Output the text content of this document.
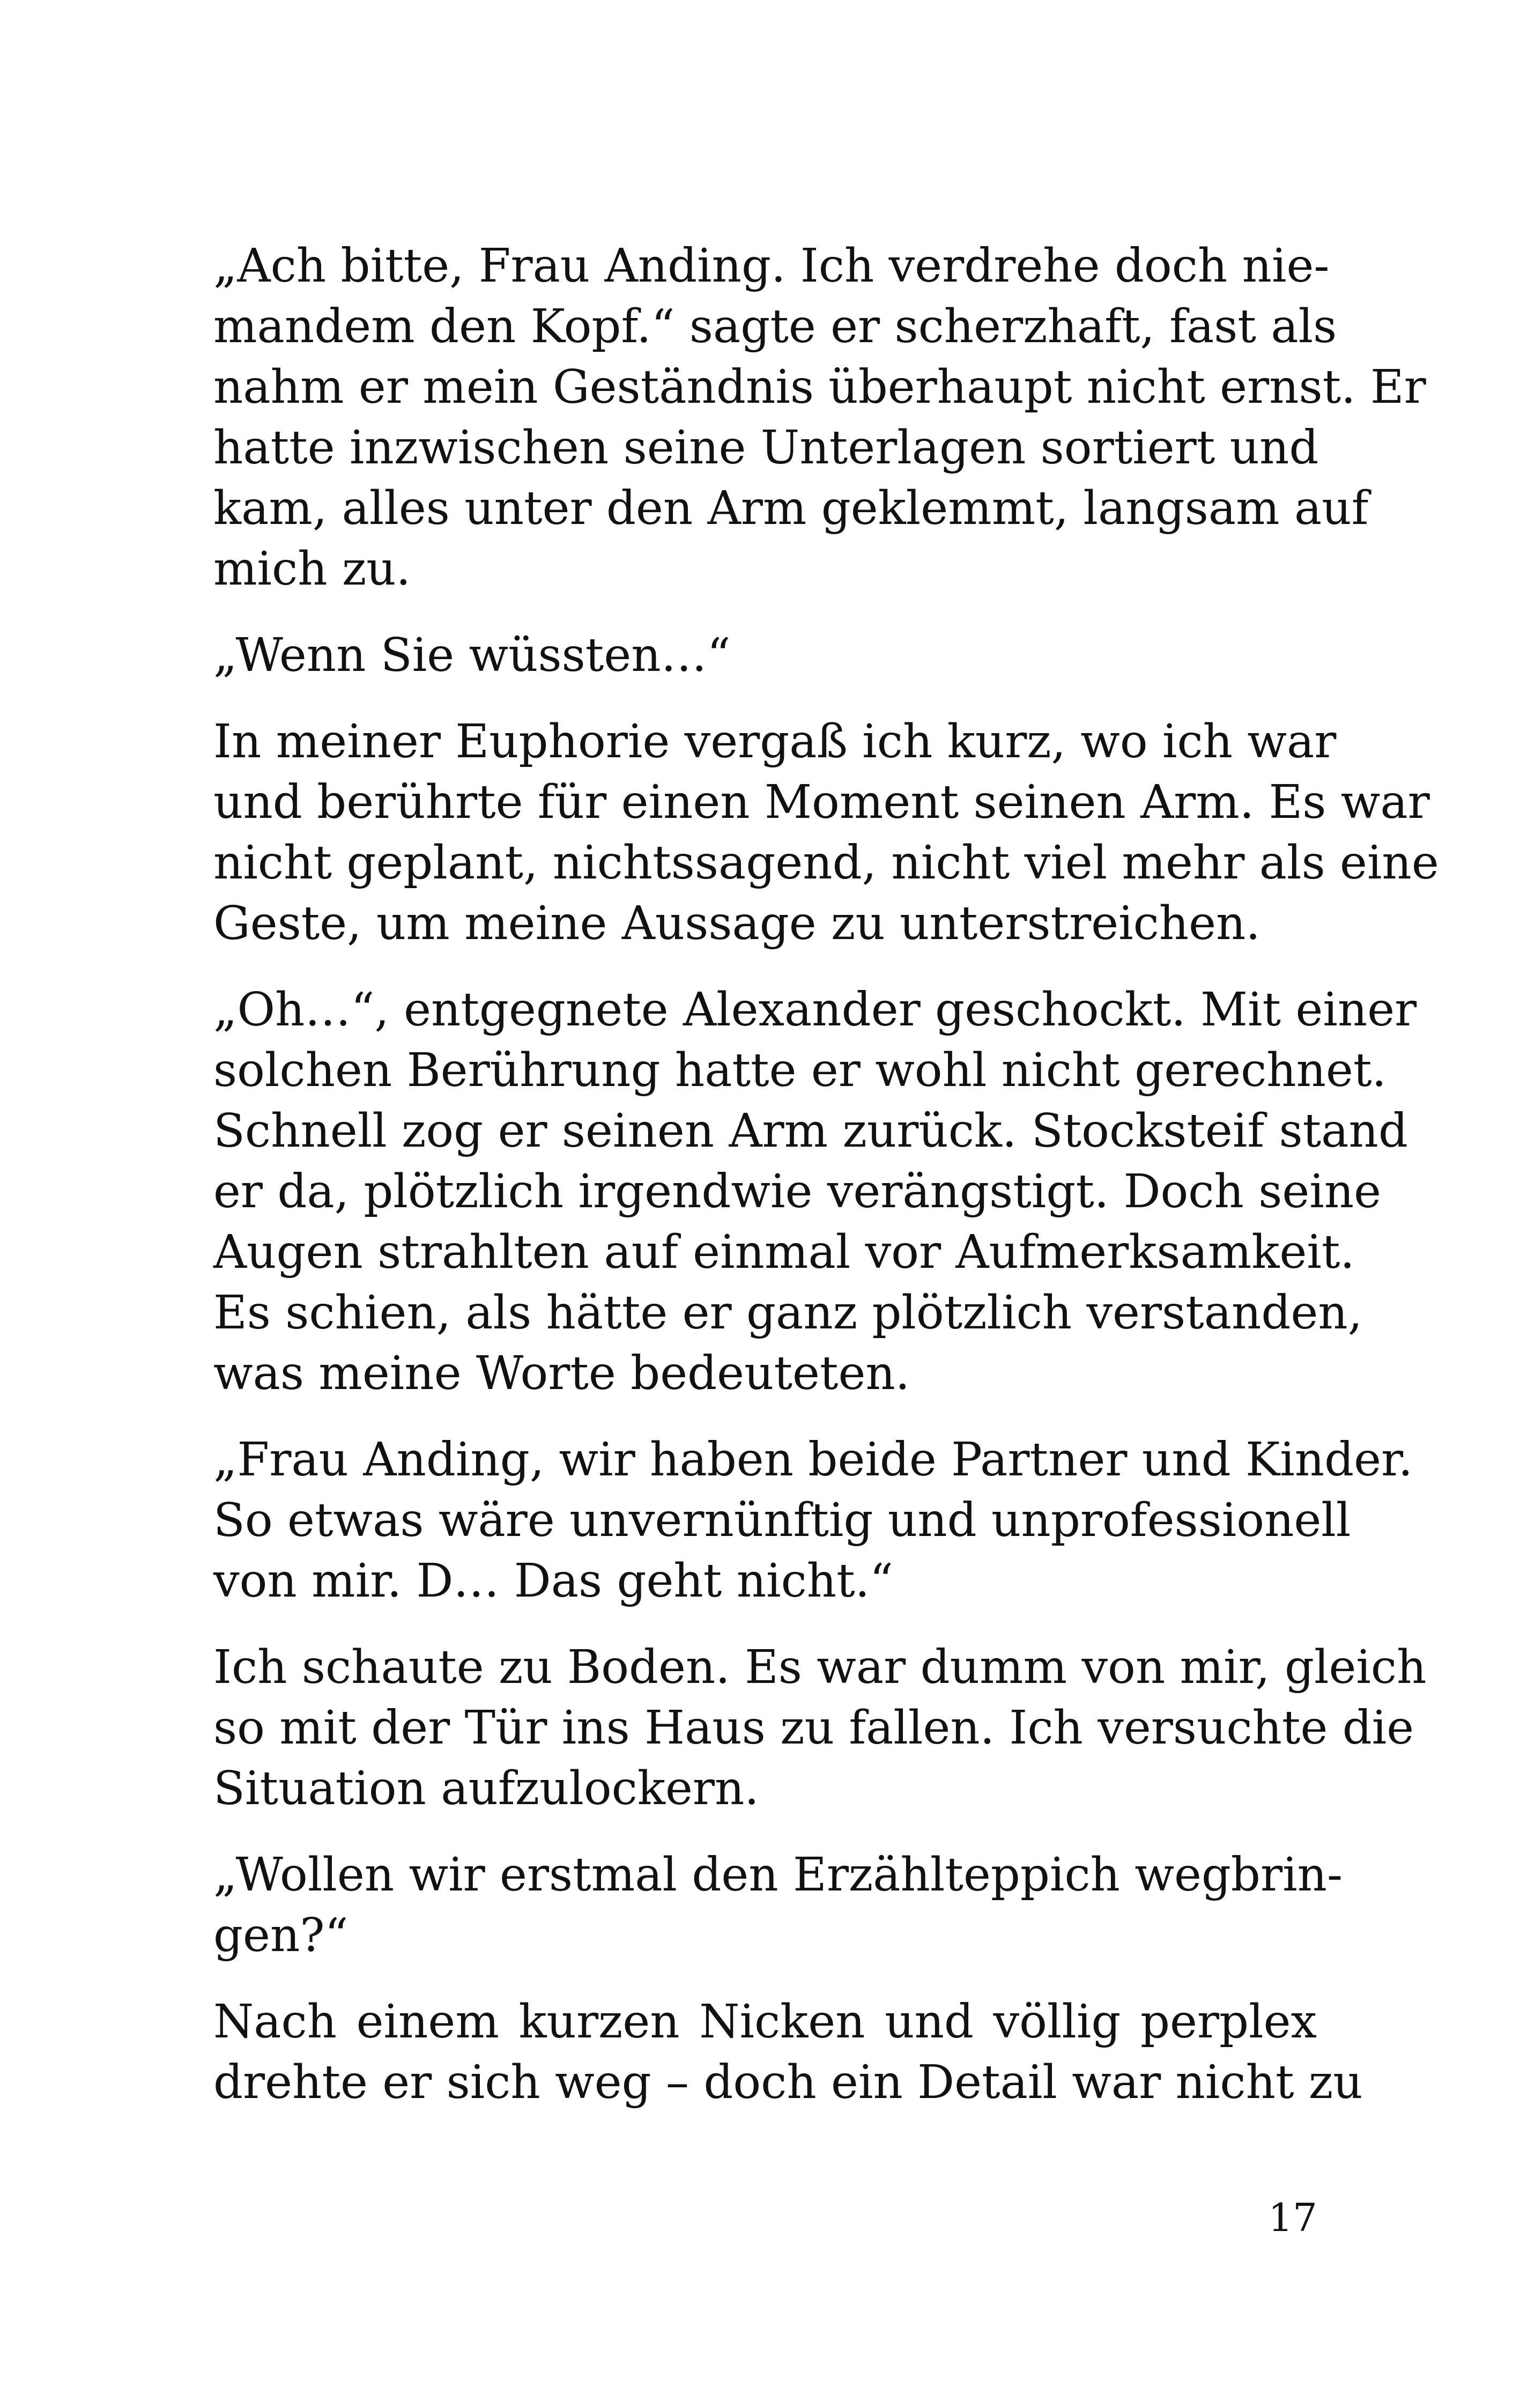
„Ach bitte, Frau Anding. Ich verdrehe doch nie-
mandem den Kopf.“ sagte er scherzhaft, fast als
nahm er mein Geständnis überhaupt nicht ernst. Er
hatte inzwischen seine Unterlagen sortiert und
kam, alles unter den Arm geklemmt, langsam auf
mich zu.

„Wenn Sie wüssten…“

In meiner Euphorie vergaß ich kurz, wo ich war
und berührte für einen Moment seinen Arm. Es war
nicht geplant, nichtssagend, nicht viel mehr als eine
Geste, um meine Aussage zu unterstreichen.

„Oh…“, entgegnete Alexander geschockt. Mit einer
solchen Berührung hatte er wohl nicht gerechnet.
Schnell zog er seinen Arm zurück. Stocksteif stand
er da, plötzlich irgendwie verängstigt. Doch seine
Augen strahlten auf einmal vor Aufmerksamkeit.
Es schien, als hätte er ganz plötzlich verstanden,
was meine Worte bedeuteten.

„Frau Anding, wir haben beide Partner und Kinder.
So etwas wäre unvernünftig und unprofessionell
von mir. D… Das geht nicht.“

Ich schaute zu Boden. Es war dumm von mir, gleich
so mit der Tür ins Haus zu fallen. Ich versuchte die
Situation aufzulockern.

„Wollen wir erstmal den Erzählteppich wegbrin-
gen?“

Nach einem kurzen Nicken und völlig perplex
drehte er sich weg – doch ein Detail war nicht zu

17
